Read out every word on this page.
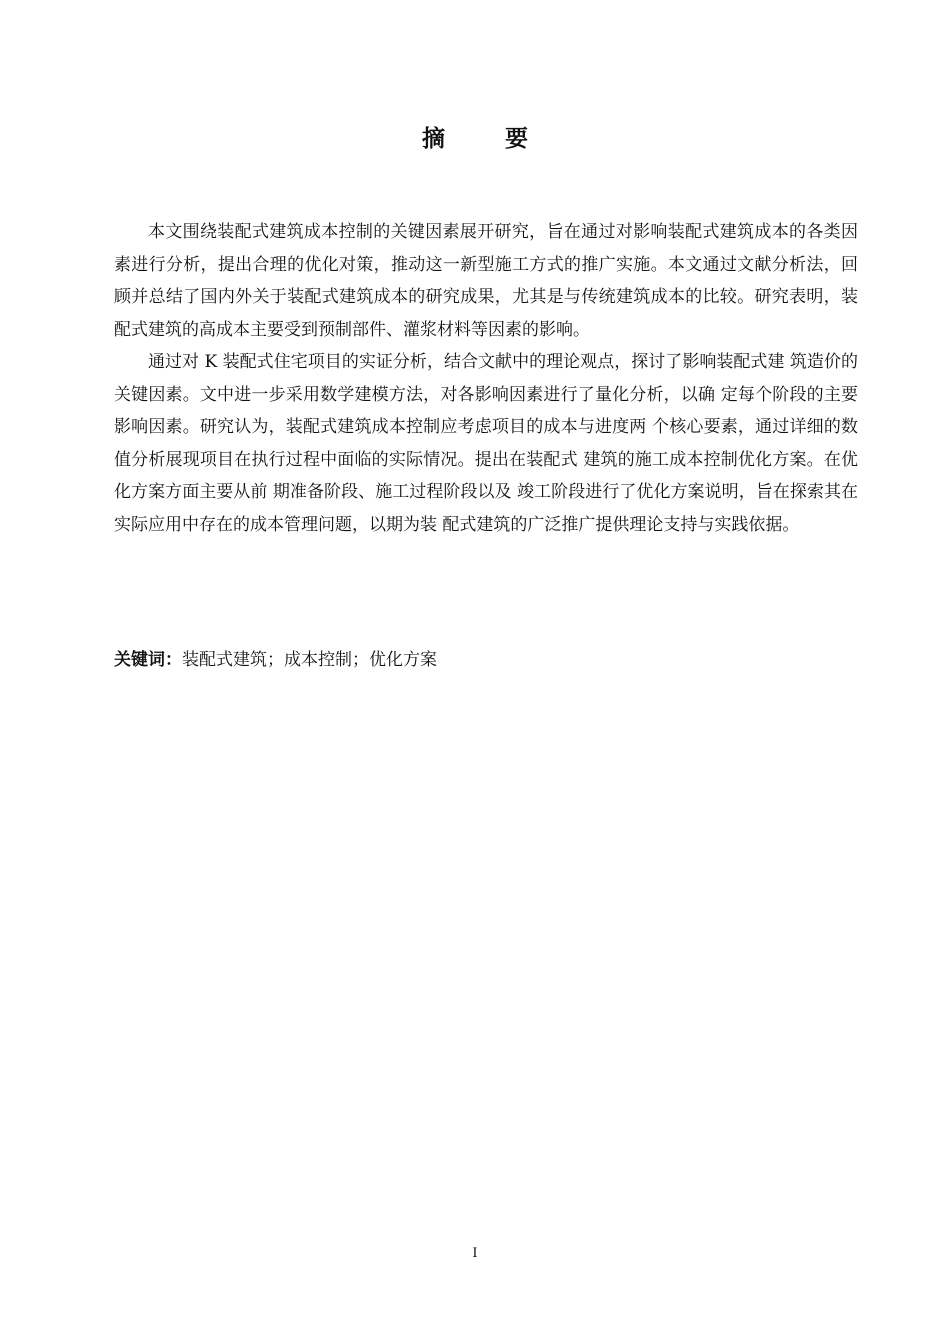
摘 要

本文围绕装配式建筑成本控制的关键因素展开研究，旨在通过对影响装配式建筑成本的各类因素进行分析，提出合理的优化对策，推动这一新型施工方式的推广实施。本文通过文献分析法，回顾并总结了国内外关于装配式建筑成本的研究成果，尤其是与传统建筑成本的比较。研究表明，装配式建筑的高成本主要受到预制部件、灌浆材料等因素的影响。

通过对 K 装配式住宅项目的实证分析，结合文献中的理论观点，探讨了影响装配式建 筑造价的关键因素。文中进一步采用数学建模方法，对各影响因素进行了量化分析，以确 定每个阶段的主要影响因素。研究认为，装配式建筑成本控制应考虑项目的成本与进度两 个核心要素，通过详细的数值分析展现项目在执行过程中面临的实际情况。提出在装配式 建筑的施工成本控制优化方案。在优化方案方面主要从前 期准备阶段、施工过程阶段以及 竣工阶段进行了优化方案说明，旨在探索其在实际应用中存在的成本管理问题，以期为装 配式建筑的广泛推广提供理论支持与实践依据。

关键词：装配式建筑；成本控制；优化方案
I
